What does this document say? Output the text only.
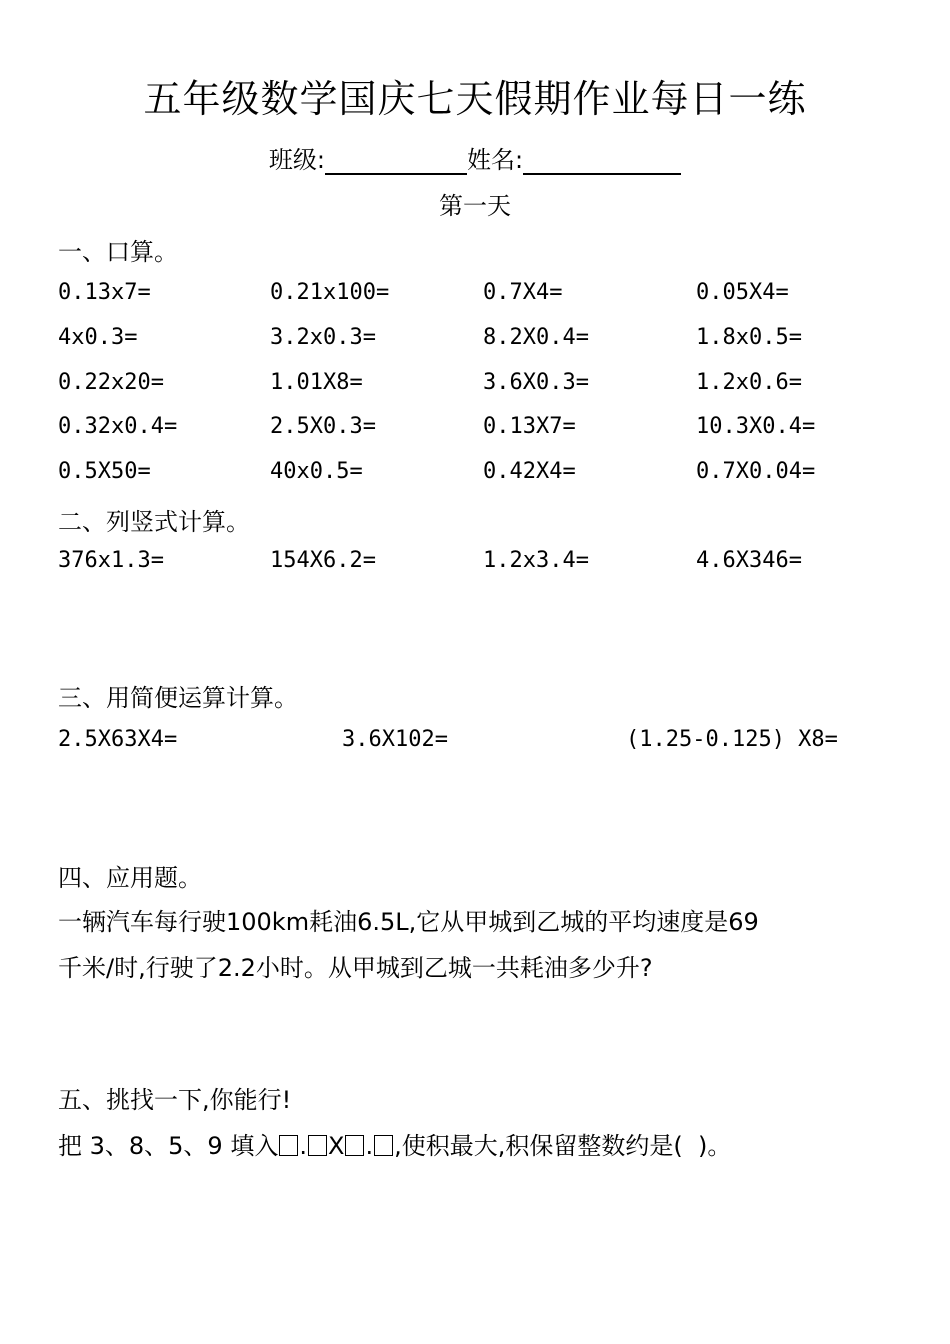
五年级数学国庆七天假期作业每日一练
班级:	姓名:
第一天
一、口算。
0.13x7=	0.21x100=	0.7X4=	0.05X4=
4x0.3=	3.2x0.3=	8.2X0.4=	1.8x0.5=
0.22x20=	1.01X8=	3.6X0.3=	1.2x0.6=
0.32x0.4=	2.5X0.3=	0.13X7=	10.3X0.4=
0.5X50=	40x0.5=	0.42X4=	0.7X0.04=
二、列竖式计算。
376x1.3=	154X6.2=	1.2x3.4=	4.6X346=
三、用简便运算计算。
2.5X63X4=	3.6X102=	(1.25-0.125) X8=
四、应用题。
一辆汽车每行驶100km耗油6.5L,它从甲城到乙城的平均速度是69
千米/时,行驶了2.2小时。从甲城到乙城一共耗油多少升?
五、挑找一下,你能行!
把 3、8、5、9 填入 . X . ,使积最大,积保留整数约是(  )。
